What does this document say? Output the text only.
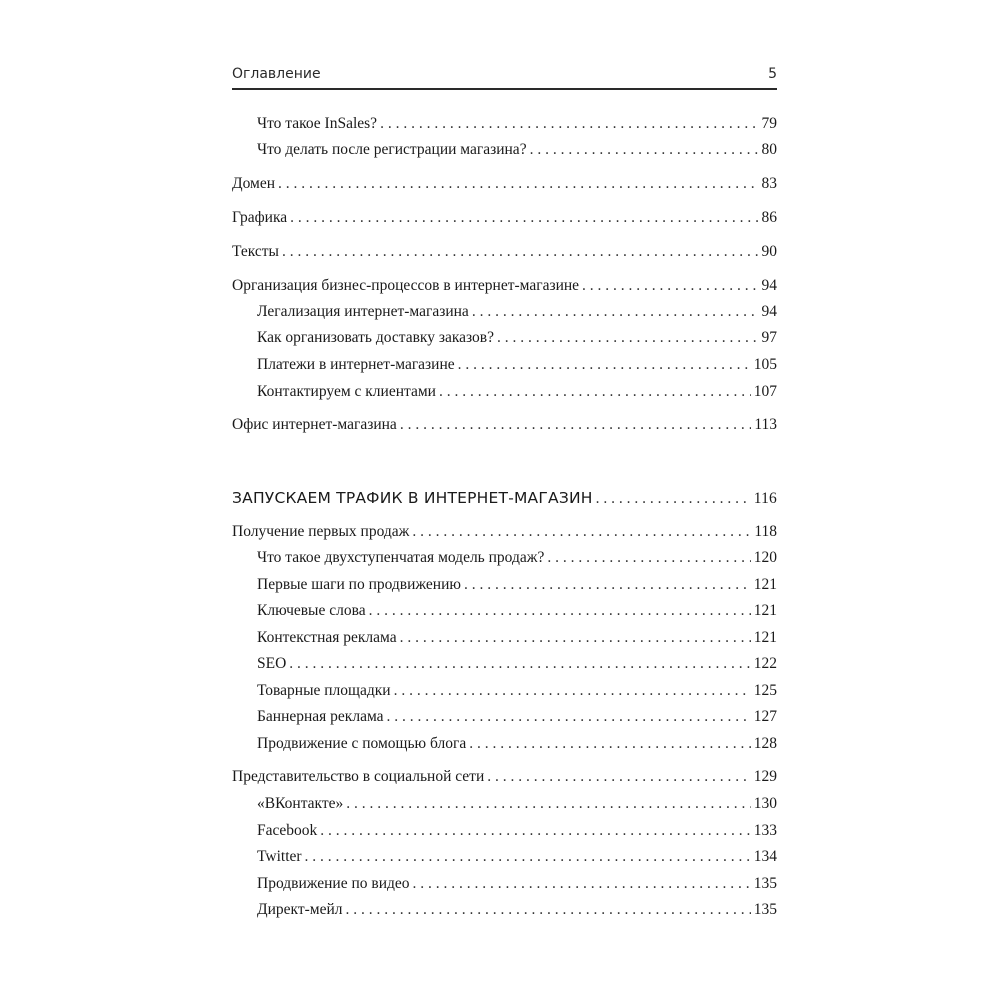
Оглавление	5
Что такое InSales? . . .	79
Что делать после регистрации магазина? . . .	80
Домен . . .	83
Графика . . .	86
Тексты . . .	90
Организация бизнес-процессов в интернет-магазине . . .	94
Легализация интернет-магазина . . .	94
Как организовать доставку заказов? . . .	97
Платежи в интернет-магазине . . .	105
Контактируем с клиентами . . .	107
Офис интернет-магазина . . .	113
ЗАПУСКАЕМ ТРАФИК В ИНТЕРНЕТ-МАГАЗИН . . .	116
Получение первых продаж . . .	118
Что такое двухступенчатая модель продаж? . . .	120
Первые шаги по продвижению . . .	121
Ключевые слова . . .	121
Контекстная реклама . . .	121
SEO . . .	122
Товарные площадки . . .	125
Баннерная реклама . . .	127
Продвижение с помощью блога . . .	128
Представительство в социальной сети . . .	129
«ВКонтакте» . . .	130
Facebook . . .	133
Twitter . . .	134
Продвижение по видео . . .	135
Директ-мейл . . .	135
